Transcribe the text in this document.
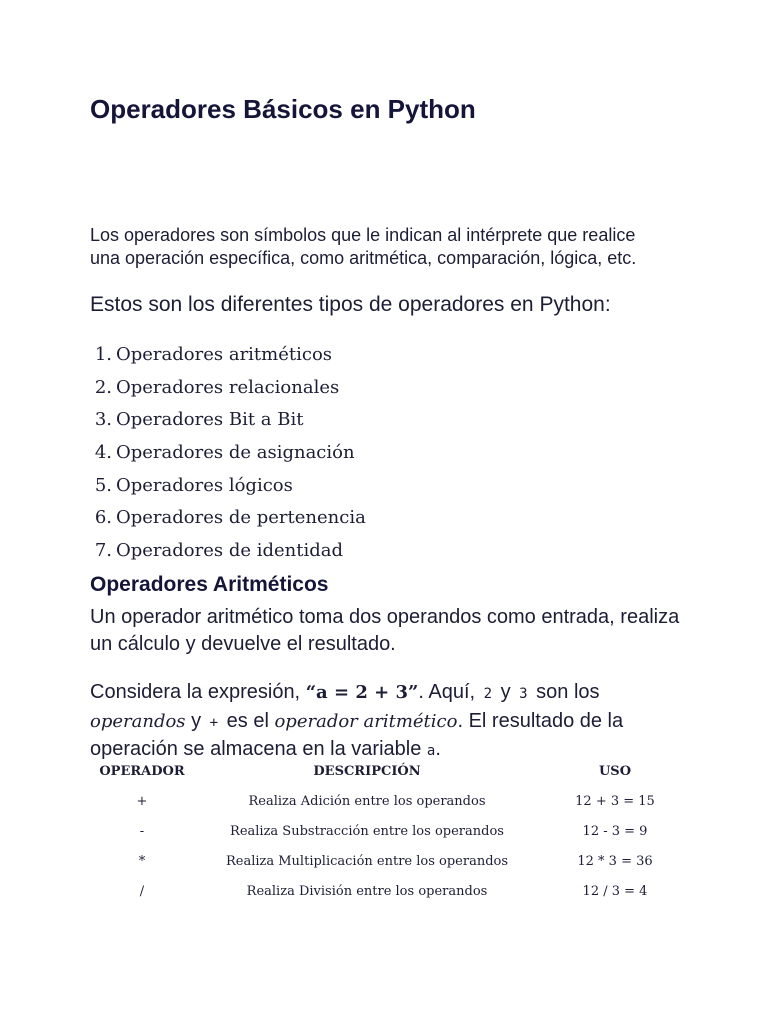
Operadores Básicos en Python

Los operadores son símbolos que le indican al intérprete que realice una operación específica, como aritmética, comparación, lógica, etc.

Estos son los diferentes tipos de operadores en Python:

1. Operadores aritméticos
2. Operadores relacionales
3. Operadores Bit a Bit
4. Operadores de asignación
5. Operadores lógicos
6. Operadores de pertenencia
7. Operadores de identidad
Operadores Aritméticos

Un operador aritmético toma dos operandos como entrada, realiza un cálculo y devuelve el resultado.

Considera la expresión, “a = 2 + 3”. Aquí, 2 y 3 son los operandos y + es el operador aritmético. El resultado de la operación se almacena en la variable a.

OPERADOR	DESCRIPCIÓN	USO
+	Realiza Adición entre los operandos	12 + 3 = 15
-	Realiza Substracción entre los operandos	12 - 3 = 9
*	Realiza Multiplicación entre los operandos	12 * 3 = 36
/	Realiza División entre los operandos	12 / 3 = 4
